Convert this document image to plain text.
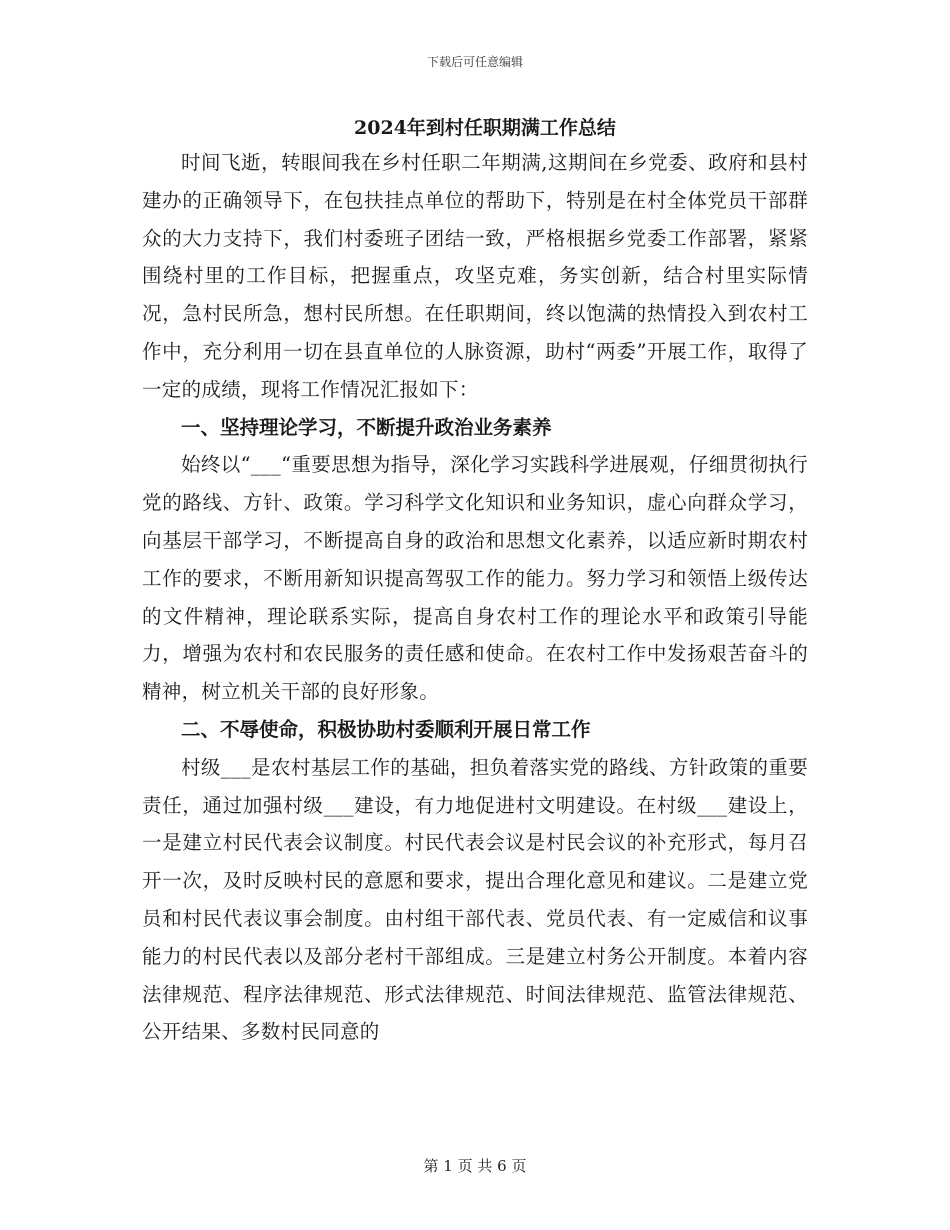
下载后可任意编辑
2024年到村任职期满工作总结

时间飞逝，转眼间我在乡村任职二年期满,这期间在乡党委、政府和县村建办的正确领导下，在包扶挂点单位的帮助下，特别是在村全体党员干部群众的大力支持下，我们村委班子团结一致，严格根据乡党委工作部署，紧紧围绕村里的工作目标，把握重点，攻坚克难，务实创新，结合村里实际情况，急村民所急，想村民所想。在任职期间，终以饱满的热情投入到农村工作中，充分利用一切在县直单位的人脉资源，助村“两委”开展工作，取得了一定的成绩，现将工作情况汇报如下：

一、坚持理论学习，不断提升政治业务素养

始终以“___“重要思想为指导，深化学习实践科学进展观，仔细贯彻执行党的路线、方针、政策。学习科学文化知识和业务知识，虚心向群众学习，向基层干部学习，不断提高自身的政治和思想文化素养，以适应新时期农村工作的要求，不断用新知识提高驾驭工作的能力。努力学习和领悟上级传达的文件精神，理论联系实际，提高自身农村工作的理论水平和政策引导能力，增强为农村和农民服务的责任感和使命。在农村工作中发扬艰苦奋斗的精神，树立机关干部的良好形象。

二、不辱使命，积极协助村委顺利开展日常工作

村级___是农村基层工作的基础，担负着落实党的路线、方针政策的重要责任，通过加强村级___建设，有力地促进村文明建设。在村级___建设上，一是建立村民代表会议制度。村民代表会议是村民会议的补充形式，每月召开一次，及时反映村民的意愿和要求，提出合理化意见和建议。二是建立党员和村民代表议事会制度。由村组干部代表、党员代表、有一定威信和议事能力的村民代表以及部分老村干部组成。三是建立村务公开制度。本着内容法律规范、程序法律规范、形式法律规范、时间法律规范、监管法律规范、公开结果、多数村民同意的

第 1 页 共 6 页
